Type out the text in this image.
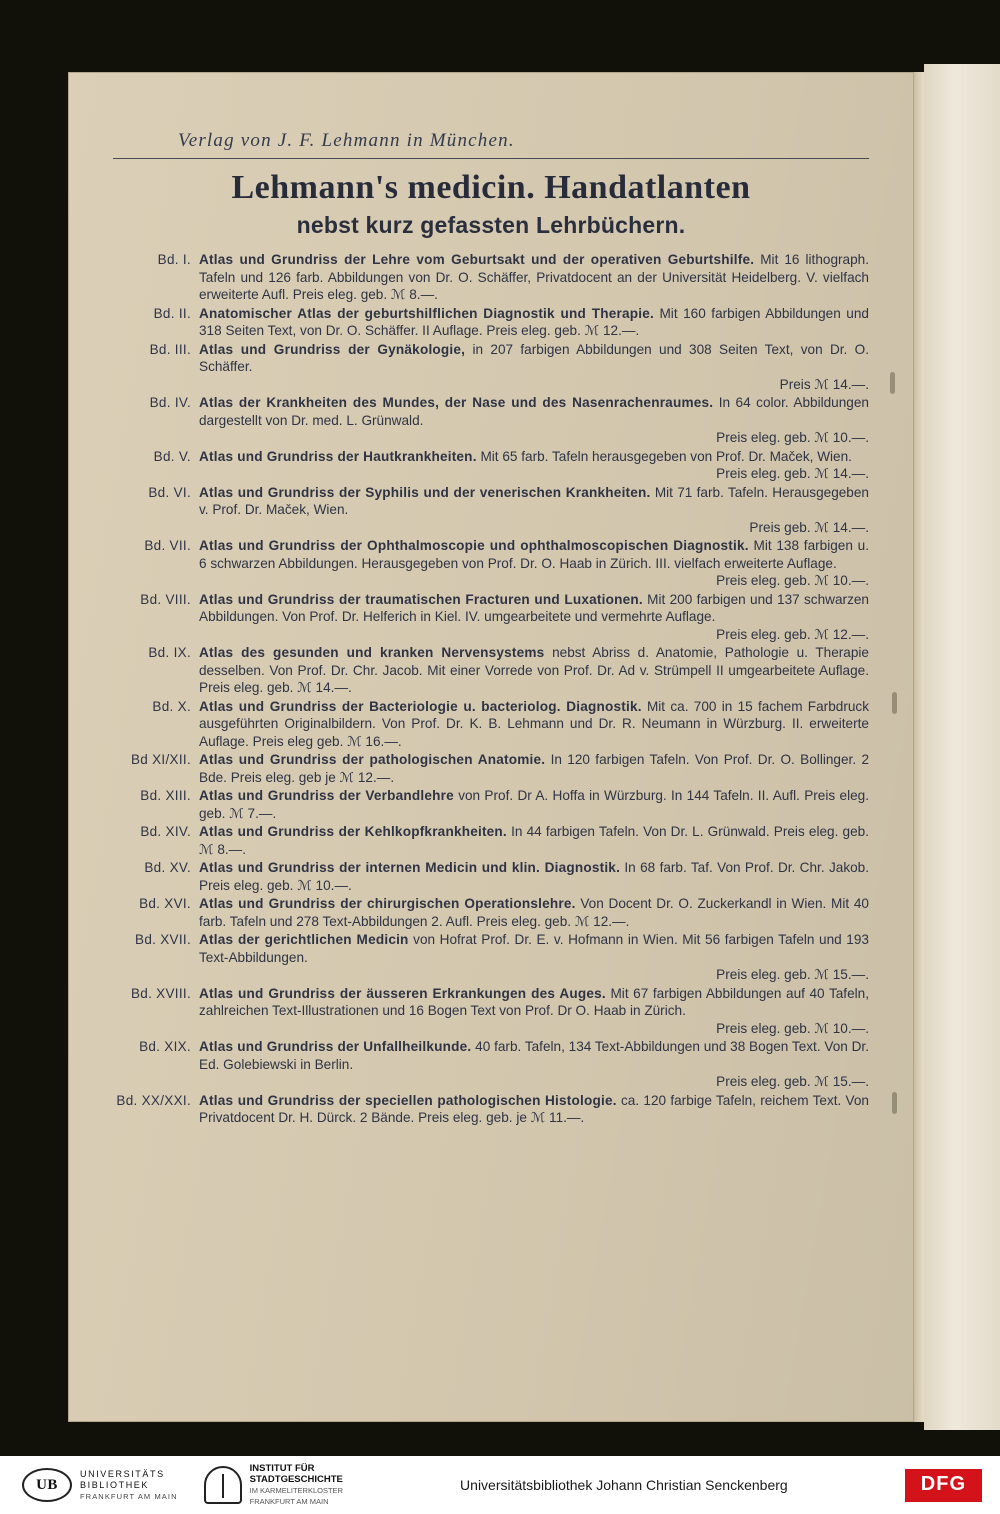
Verlag von J. F. Lehmann in München.
Lehmann's medicin. Handatlanten
nebst kurz gefassten Lehrbüchern.
Bd. I. Atlas und Grundriss der Lehre vom Geburtsakt und der operativen Geburtshilfe. Mit 16 lithograph. Tafeln und 126 farb. Abbildungen von Dr. O. Schäffer, Privatdocent an der Universität Heidelberg. V. vielfach erweiterte Aufl. Preis eleg. geb. ℳ 8.—.
Bd. II. Anatomischer Atlas der geburtshilflichen Diagnostik und Therapie. Mit 160 farbigen Abbildungen und 318 Seiten Text, von Dr. O. Schäffer. II Auflage. Preis eleg. geb. ℳ 12.—.
Bd. III. Atlas und Grundriss der Gynäkologie, in 207 farbigen Abbildungen und 308 Seiten Text, von Dr. O. Schäffer.
Preis ℳ 14.—.
Bd. IV. Atlas der Krankheiten des Mundes, der Nase und des Nasenrachenraumes. In 64 color. Abbildungen dargestellt von Dr. med. L. Grünwald.
Preis eleg. geb. ℳ 10.—.
Bd. V. Atlas und Grundriss der Hautkrankheiten. Mit 65 farb. Tafeln herausgegeben von Prof. Dr. Maček, Wien.
Preis eleg. geb. ℳ 14.—.
Bd. VI. Atlas und Grundriss der Syphilis und der venerischen Krankheiten. Mit 71 farb. Tafeln. Herausgegeben v. Prof. Dr. Maček, Wien.
Preis geb. ℳ 14.—.
Bd. VII. Atlas und Grundriss der Ophthalmoscopie und ophthalmoscopischen Diagnostik. Mit 138 farbigen u. 6 schwarzen Abbildungen. Herausgegeben von Prof. Dr. O. Haab in Zürich. III. vielfach erweiterte Auflage.
Preis eleg. geb. ℳ 10.—.
Bd. VIII. Atlas und Grundriss der traumatischen Fracturen und Luxationen. Mit 200 farbigen und 137 schwarzen Abbildungen. Von Prof. Dr. Helferich in Kiel. IV. umgearbeitete und vermehrte Auflage.
Preis eleg. geb. ℳ 12.—.
Bd. IX. Atlas des gesunden und kranken Nervensystems nebst Abriss d. Anatomie, Pathologie u. Therapie desselben. Von Prof. Dr. Chr. Jacob. Mit einer Vorrede von Prof. Dr. Ad v. Strümpell II umgearbeitete Auflage. Preis eleg. geb. ℳ 14.—.
Bd. X. Atlas und Grundriss der Bacteriologie u. bacteriolog. Diagnostik. Mit ca. 700 in 15 fachem Farbdruck ausgeführten Originalbildern. Von Prof. Dr. K. B. Lehmann und Dr. R. Neumann in Würzburg. II. erweiterte Auflage. Preis eleg geb. ℳ 16.—.
Bd XI/XII. Atlas und Grundriss der pathologischen Anatomie. In 120 farbigen Tafeln. Von Prof. Dr. O. Bollinger. 2 Bde. Preis eleg. geb je ℳ 12.—.
Bd. XIII. Atlas und Grundriss der Verbandlehre von Prof. Dr A. Hoffa in Würzburg. In 144 Tafeln. II. Aufl. Preis eleg. geb. ℳ 7.—.
Bd. XIV. Atlas und Grundriss der Kehlkopfkrankheiten. In 44 farbigen Tafeln. Von Dr. L. Grünwald. Preis eleg. geb. ℳ 8.—.
Bd. XV. Atlas und Grundriss der internen Medicin und klin. Diagnostik. In 68 farb. Taf. Von Prof. Dr. Chr. Jakob. Preis eleg. geb. ℳ 10.—.
Bd. XVI. Atlas und Grundriss der chirurgischen Operationslehre. Von Docent Dr. O. Zuckerkandl in Wien. Mit 40 farb. Tafeln und 278 Text-Abbildungen 2. Aufl. Preis eleg. geb. ℳ 12.—.
Bd. XVII. Atlas der gerichtlichen Medicin von Hofrat Prof. Dr. E. v. Hofmann in Wien. Mit 56 farbigen Tafeln und 193 Text-Abbildungen.
Preis eleg. geb. ℳ 15.—.
Bd. XVIII. Atlas und Grundriss der äusseren Erkrankungen des Auges. Mit 67 farbigen Abbildungen auf 40 Tafeln, zahlreichen Text-Illustrationen und 16 Bogen Text von Prof. Dr O. Haab in Zürich.
Preis eleg. geb. ℳ 10.—.
Bd. XIX. Atlas und Grundriss der Unfallheilkunde. 40 farb. Tafeln, 134 Text-Abbildungen und 38 Bogen Text. Von Dr. Ed. Golebiewski in Berlin.
Preis eleg. geb. ℳ 15.—.
Bd. XX/XXI. Atlas und Grundriss der speciellen pathologischen Histologie. ca. 120 farbige Tafeln, reichem Text. Von Privatdocent Dr. H. Dürck. 2 Bände. Preis eleg. geb. je ℳ 11.—.
UB
UNIVERSITÄTS
BIBLIOTHEK
FRANKFURT AM MAIN
INSTITUT FÜR
STADTGESCHICHTE
IM KARMELITERKLOSTER
FRANKFURT AM MAIN
Universitätsbibliothek Johann Christian Senckenberg	DFG
